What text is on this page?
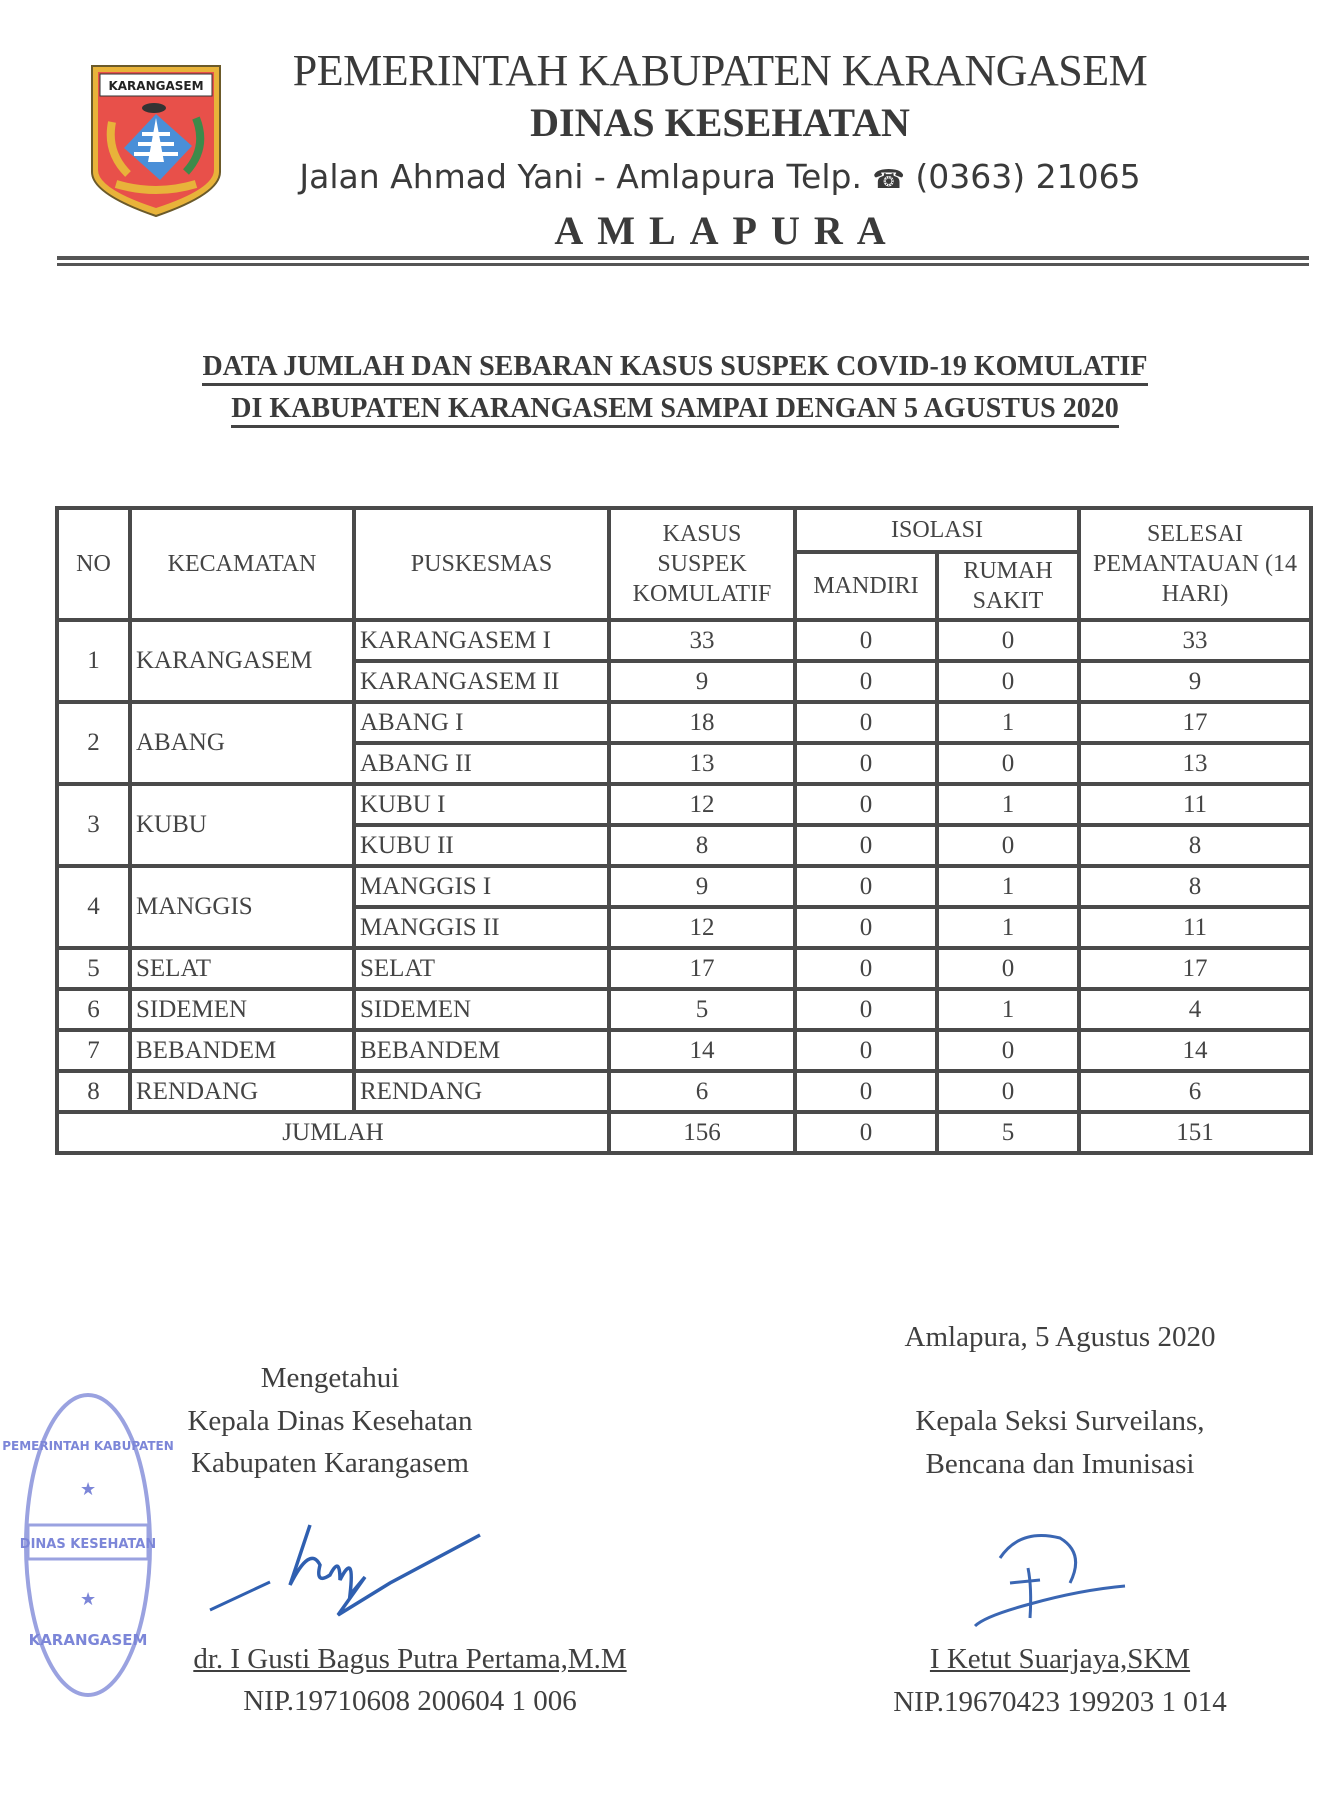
KARANGASEM	PEMERINTAH KABUPATEN KARANGASEM
DINAS KESEHATAN
Jalan Ahmad Yani - Amlapura Telp. ☎ (0363) 21065
AMLAPURA
DATA JUMLAH DAN SEBARAN KASUS SUSPEK COVID-19 KOMULATIF
DI KABUPATEN KARANGASEM SAMPAI DENGAN 5 AGUSTUS 2020
NO	KECAMATAN	PUSKESMAS	KASUS SUSPEK KOMULATIF	ISOLASI		SELESAI PEMANTAUAN (14 HARI)
				MANDIRI	RUMAH SAKIT	
1	KARANGASEM	KARANGASEM I	33	0	0	33
		KARANGASEM II	9	0	0	9
2	ABANG	ABANG I	18	0	1	17
		ABANG II	13	0	0	13
3	KUBU	KUBU I	12	0	1	11
		KUBU II	8	0	0	8
4	MANGGIS	MANGGIS I	9	0	1	8
		MANGGIS II	12	0	1	11
5	SELAT	SELAT	17	0	0	17
6	SIDEMEN	SIDEMEN	5	0	1	4
7	BEBANDEM	BEBANDEM	14	0	0	14
8	RENDANG	RENDANG	6	0	0	6
JUMLAH			156	0	5	151
PEMERINTAH KABUPATEN
DINAS KESEHATAN
KARANGASEM
★
★
Mengetahui
Kepala Dinas Kesehatan
Kabupaten Karangasem
dr. I Gusti Bagus Putra Pertama,M.M
NIP.19710608 200604 1 006
Amlapura, 5 Agustus 2020
Kepala Seksi Surveilans,
Bencana dan Imunisasi
I Ketut Suarjaya,SKM
NIP.19670423 199203 1 014
